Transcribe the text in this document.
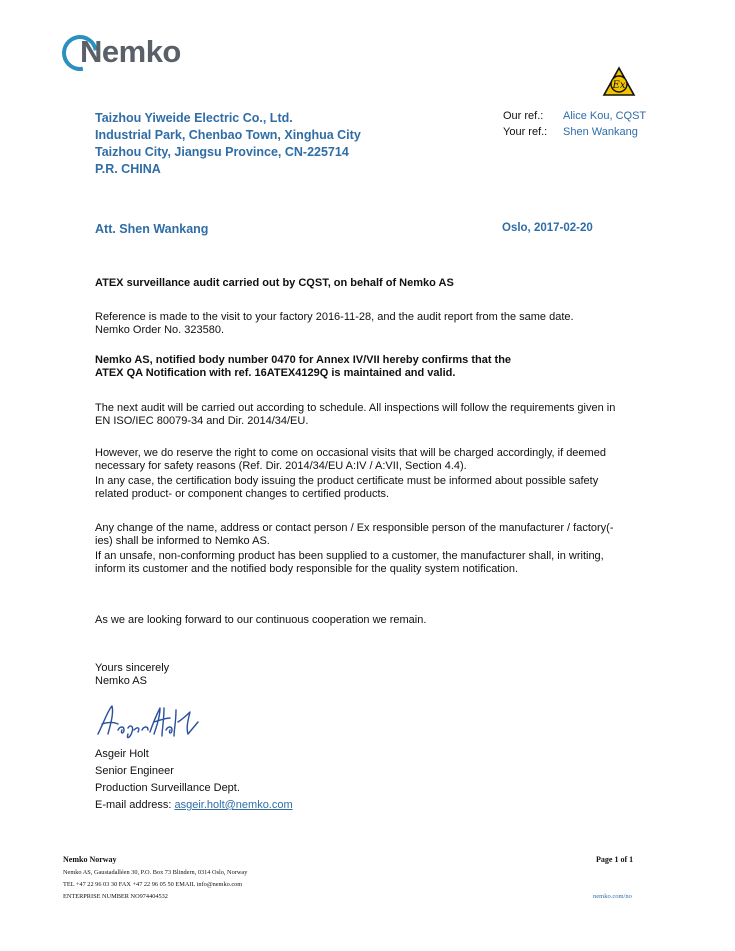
Nemko
Ex
Taizhou Yiweide Electric Co., Ltd.
Industrial Park, Chenbao Town, Xinghua City
Taizhou City, Jiangsu Province, CN-225714
P.R. CHINA
Our ref.: Alice Kou, CQST
Your ref.: Shen Wankang
Att. Shen Wankang	Oslo, 2017-02-20
ATEX surveillance audit carried out by CQST, on behalf of Nemko AS

Reference is made to the visit to your factory 2016-11-28, and the audit report from the same date.

Nemko Order No. 323580.

Nemko AS, notified body number 0470 for Annex IV/VII hereby confirms that the

ATEX QA Notification with ref. 16ATEX4129Q is maintained and valid.

The next audit will be carried out according to schedule. All inspections will follow the requirements given in

EN ISO/IEC 80079-34 and Dir. 2014/34/EU.

However, we do reserve the right to come on occasional visits that will be charged accordingly, if deemed

necessary for safety reasons (Ref. Dir. 2014/34/EU A:IV / A:VII, Section 4.4).

In any case, the certification body issuing the product certificate must be informed about possible safety

related product- or component changes to certified products.

Any change of the name, address or contact person / Ex responsible person of the manufacturer / factory(-

ies) shall be informed to Nemko AS.

If an unsafe, non-conforming product has been supplied to a customer, the manufacturer shall, in writing,

inform its customer and the notified body responsible for the quality system notification.

As we are looking forward to our continuous cooperation we remain.

Yours sincerely

Nemko AS

Asgeir Holt

Senior Engineer

Production Surveillance Dept.

E-mail address: asgeir.holt@nemko.com

Nemko Norway
Nemko AS, Gaustadalléen 30, P.O. Box 73 Blindern, 0314 Oslo, Norway
TEL +47 22 96 03 30 FAX +47 22 96 05 50 EMAIL info@nemko.com
ENTERPRISE NUMBER NO974404532
Page 1 of 1
nemko.com/no
